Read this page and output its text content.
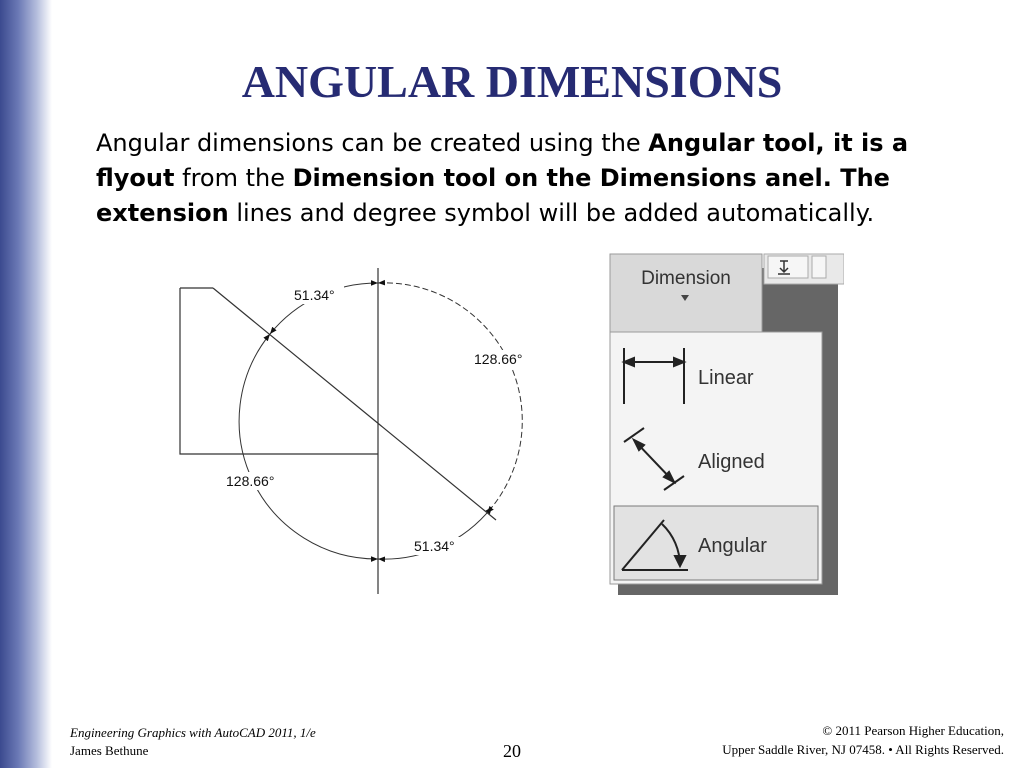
ANGULAR DIMENSIONS
Angular dimensions can be created using the Angular tool, it is a flyout from the Dimension tool on the Dimensions anel. The extension lines and degree symbol will be added automatically.
51.34°
128.66°
128.66°
51.34°
Dimension
Linear
Aligned
Angular
Engineering Graphics with AutoCAD 2011, 1/e
James Bethune	20
© 2011 Pearson Higher Education,
Upper Saddle River, NJ 07458. • All Rights Reserved.
